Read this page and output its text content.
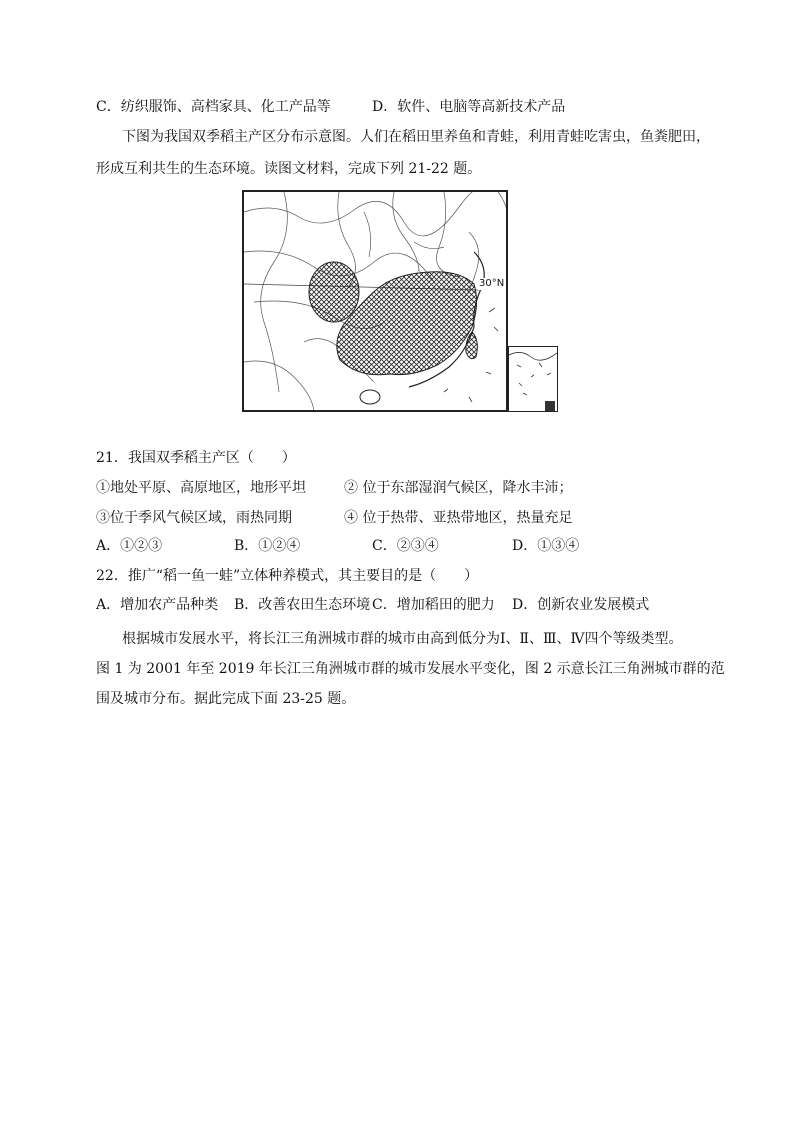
C．纺织服饰、高档家具、化工产品等	D．软件、电脑等高新技术产品
下图为我国双季稻主产区分布示意图。人们在稻田里养鱼和青蛙，利用青蛙吃害虫，鱼粪肥田，
形成互利共生的生态环境。读图文材料，完成下列 21-22 题。
30°N
21．我国双季稻主产区（　　）
①地处平原、高原地区，地形平坦	② 位于东部湿润气候区，降水丰沛；
③位于季风气候区域，雨热同期	④ 位于热带、亚热带地区，热量充足
A．①②③	B．①②④	C．②③④	D．①③④
22．推广“稻一鱼一蛙”立体种养模式，其主要目的是（　　）
A．增加农产品种类 B．改善农田生态环境 C．增加稻田的肥力 D．创新农业发展模式
根据城市发展水平，将长江三角洲城市群的城市由高到低分为Ⅰ、Ⅱ、Ⅲ、Ⅳ四个等级类型。
图 1 为 2001 年至 2019 年长江三角洲城市群的城市发展水平变化，图 2 示意长江三角洲城市群的范
围及城市分布。据此完成下面 23-25 题。
